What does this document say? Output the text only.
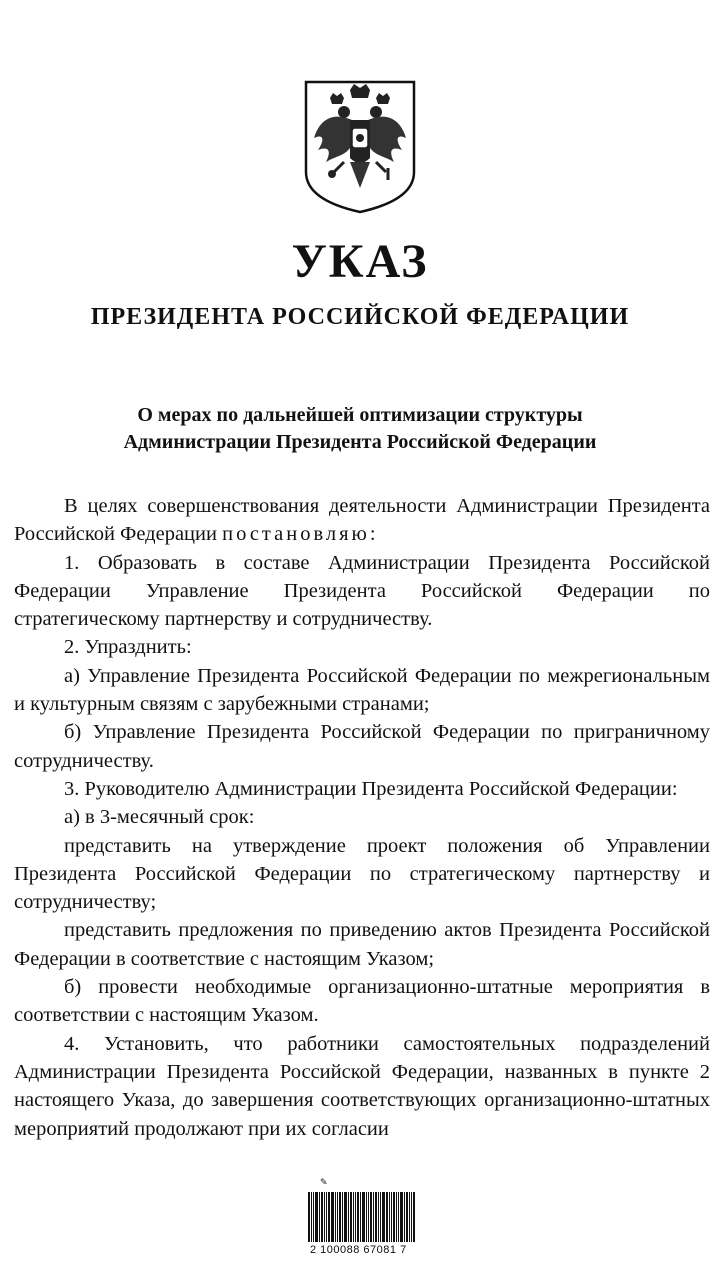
УКАЗ
ПРЕЗИДЕНТА РОССИЙСКОЙ ФЕДЕРАЦИИ
О мерах по дальнейшей оптимизации структуры
Администрации Президента Российской Федерации

В целях совершенствования деятельности Администрации Президента Российской Федерации постановляю:

1. Образовать в составе Администрации Президента Российской Федерации Управление Президента Российской Федерации по стратегическому партнерству и сотрудничеству.

2. Упразднить:

а) Управление Президента Российской Федерации по межрегиональным и культурным связям с зарубежными странами;

б) Управление Президента Российской Федерации по приграничному сотрудничеству.

3. Руководителю Администрации Президента Российской Федерации:

а) в 3-месячный срок:

представить на утверждение проект положения об Управлении Президента Российской Федерации по стратегическому партнерству и сотрудничеству;

представить предложения по приведению актов Президента Российской Федерации в соответствие с настоящим Указом;

б) провести необходимые организационно-штатные мероприятия в соответствии с настоящим Указом.

4. Установить, что работники самостоятельных подразделений Администрации Президента Российской Федерации, названных в пункте 2 настоящего Указа, до завершения соответствующих организационно-штатных мероприятий продолжают при их согласии

✎
2 100088 67081 7
